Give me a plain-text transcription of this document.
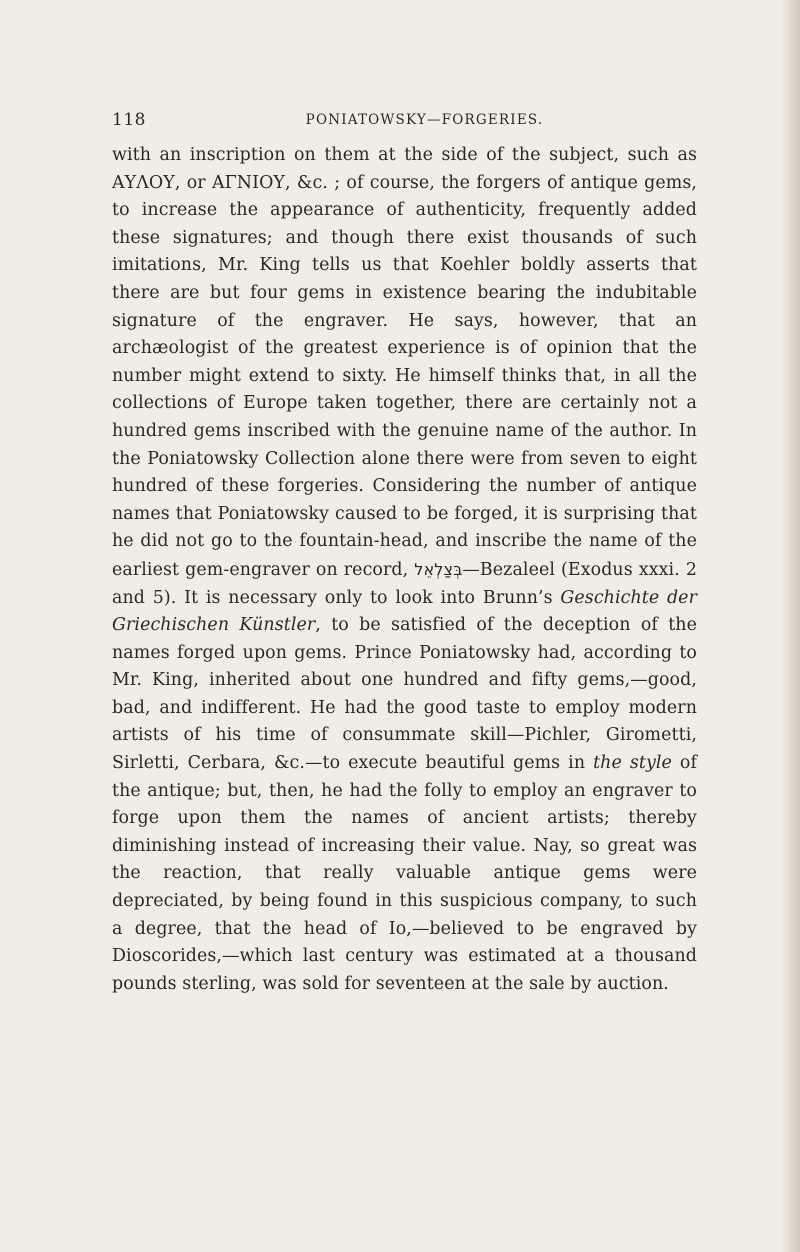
118	PONIATOWSKY—FORGERIES.

with an inscription on them at the side of the subject, such as ΑΥΛΟΥ, or ΑΓΝΙΟΥ, &c. ; of course, the forgers of antique gems, to increase the appearance of authenticity, frequently added these signatures; and though there exist thousands of such imitations, Mr. King tells us that Koehler boldly asserts that there are but four gems in existence bearing the indubitable signature of the engraver. He says, however, that an archæologist of the greatest experience is of opinion that the number might extend to sixty. He himself thinks that, in all the collections of Europe taken together, there are certainly not a hundred gems inscribed with the genuine name of the author. In the Poniatowsky Collection alone there were from seven to eight hundred of these forgeries. Considering the number of antique names that Poniatowsky caused to be forged, it is surprising that he did not go to the fountain-head, and inscribe the name of the earliest gem-engraver on record, בְּצַלְאֵל—Bezaleel (Exodus xxxi. 2 and 5). It is necessary only to look into Brunn’s Geschichte der Griechischen Künstler, to be satisfied of the deception of the names forged upon gems. Prince Poniatowsky had, according to Mr. King, inherited about one hundred and fifty gems,—good, bad, and indifferent. He had the good taste to employ modern artists of his time of consummate skill—Pichler, Girometti, Sirletti, Cerbara, &c.—to execute beautiful gems in the style of the antique; but, then, he had the folly to employ an engraver to forge upon them the names of ancient artists; thereby diminishing instead of increasing their value. Nay, so great was the reaction, that really valuable antique gems were depreciated, by being found in this suspicious company, to such a degree, that the head of Io,—believed to be engraved by Dioscorides,—which last century was estimated at a thousand pounds sterling, was sold for seventeen at the sale by auction.
